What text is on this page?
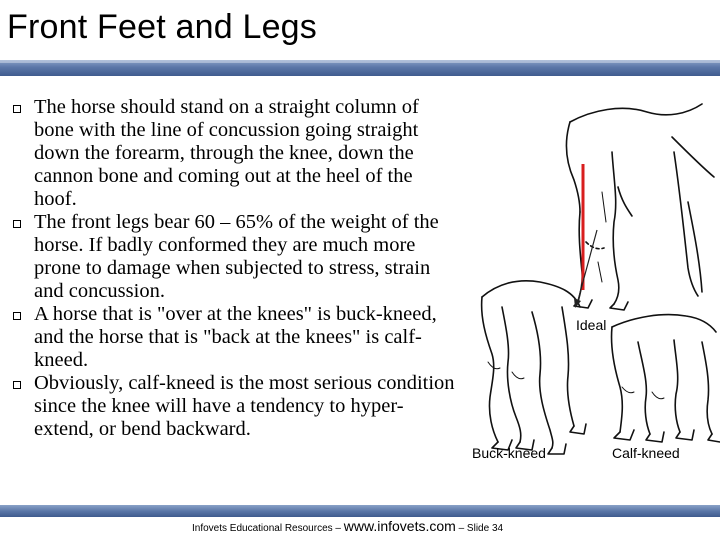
Front Feet and Legs
The horse should stand on a straight column of bone with the line of concussion going straight down the forearm, through the knee, down the cannon bone and coming out at the heel of the hoof.
The front legs bear 60 – 65% of the weight of the horse. If badly conformed they are much more prone to damage when subjected to stress, strain and concussion.
A horse that is "over at the knees" is buck-kneed, and the horse that is "back at the knees" is calf-kneed.
Obviously, calf-kneed is the most serious condition since the knee will have a tendency to hyper-extend, or bend backward.
Ideal
Buck-kneed	Calf-kneed
Infovets Educational Resources – www.infovets.com – Slide 34
